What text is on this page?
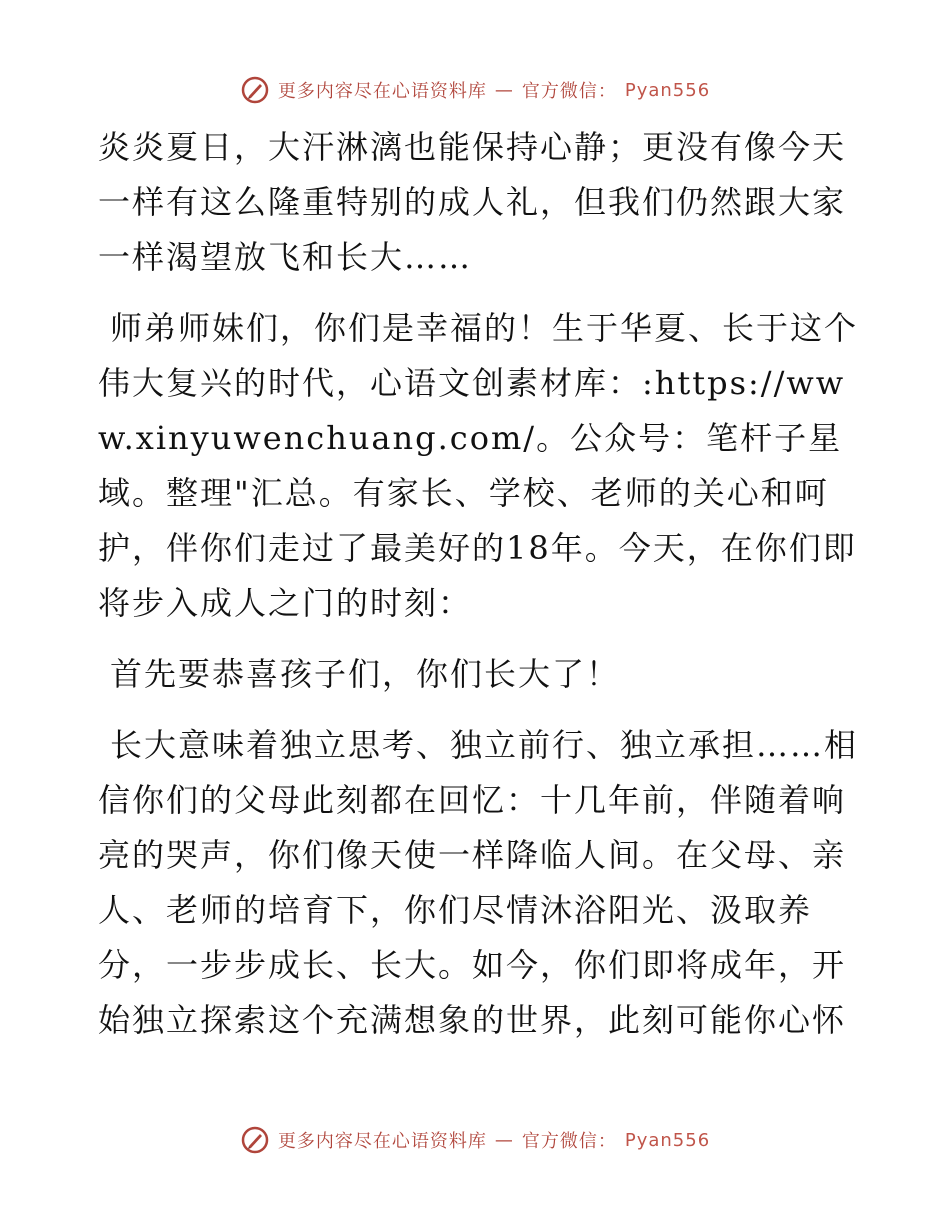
更多内容尽在心语资料库 — 官方微信： Pyan556

炎炎夏日，大汗淋漓也能保持心静；更没有像今天一样有这么隆重特别的成人礼，但我们仍然跟大家一样渴望放飞和长大……

师弟师妹们，你们是幸福的！生于华夏、长于这个伟大复兴的时代，心语文创素材库：:https://www.xinyuwenchuang.com/。公众号：笔杆子星域。整理"汇总。有家长、学校、老师的关心和呵护，伴你们走过了最美好的18年。今天，在你们即将步入成人之门的时刻：

首先要恭喜孩子们，你们长大了！

长大意味着独立思考、独立前行、独立承担……相信你们的父母此刻都在回忆：十几年前，伴随着响亮的哭声，你们像天使一样降临人间。在父母、亲人、老师的培育下，你们尽情沐浴阳光、汲取养分，一步步成长、长大。如今，你们即将成年，开始独立探索这个充满想象的世界，此刻可能你心怀

更多内容尽在心语资料库 — 官方微信： Pyan556
